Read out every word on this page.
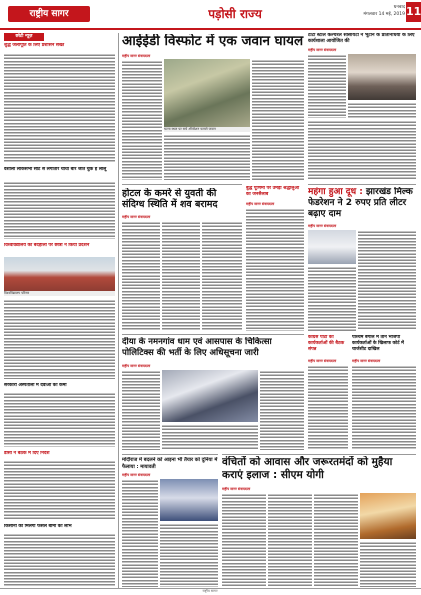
राष्ट्रीय सागर	पड़ोसी राज्य	धनबाद
मंगलवार 14 मई, 2019 11
छोटी न्यूज़
शुद्ध जलापूर्ति के लिए प्रशासन सख्त
वैशाली लोकसभा सीट से लगातार चौथी बार जीत चुके हैं लालू
विश्वविद्यालय की बदहाली पर छात्रों ने किया प्रदर्शन
विश्वविद्यालय परिसर
सरकारी अस्पतालों में दवाओं की कमी
डीसी ने बैठक में दिए निर्देश
किसानों को मिलेगा फसल बीमा का लाभ
आईईडी विस्फोट में एक जवान घायल
राष्ट्रीय सागर संवाददाता
घटना स्थल पर सर्च ऑपरेशन चलाते जवान
टाटा स्टील कल्चरल सोसायटी ने भूटान के प्रतिनिधियों के लिए कार्यशाला आयोजित की
राष्ट्रीय सागर संवाददाता
होटल के कमरे से युवती की संदिग्ध स्थिति में शव बरामद
राष्ट्रीय सागर संवाददाता
बुद्ध पूर्णिमा पर उमड़ा श्रद्धालुओं का जनसैलाब
राष्ट्रीय सागर संवाददाता
महंगा हुआ दूध : झारखंड मिल्क फेडरेशन ने 2 रुपए प्रति लीटर बढ़ाए दाम
राष्ट्रीय सागर संवाददाता
दीया के नमनगांव धाम एवं आसपास के चिकित्सा पोलिटिक्स की भर्ती के लिए अधिसूचना जारी
राष्ट्रीय सागर संवाददाता
कांग्रेस पार्टी की कार्यकर्ताओं की बैठक संपन्न
राष्ट्रीय सागर संवाददाता
पश्चिम बंगाल में तीन भाजपा कार्यकर्ताओं के खिलाफ कोर्ट में चार्जशीट दाखिल
राष्ट्रीय सागर संवाददाता
मोदीराज में बदलने को आइना भी तैयार को दुनिया में फैलाया : मायावती
राष्ट्रीय सागर संवाददाता
वंचितों को आवास और जरूरतमंदों को मुहैया कराएं इलाज : सीएम योगी
राष्ट्रीय सागर संवाददाता
राष्ट्रीय सागर
